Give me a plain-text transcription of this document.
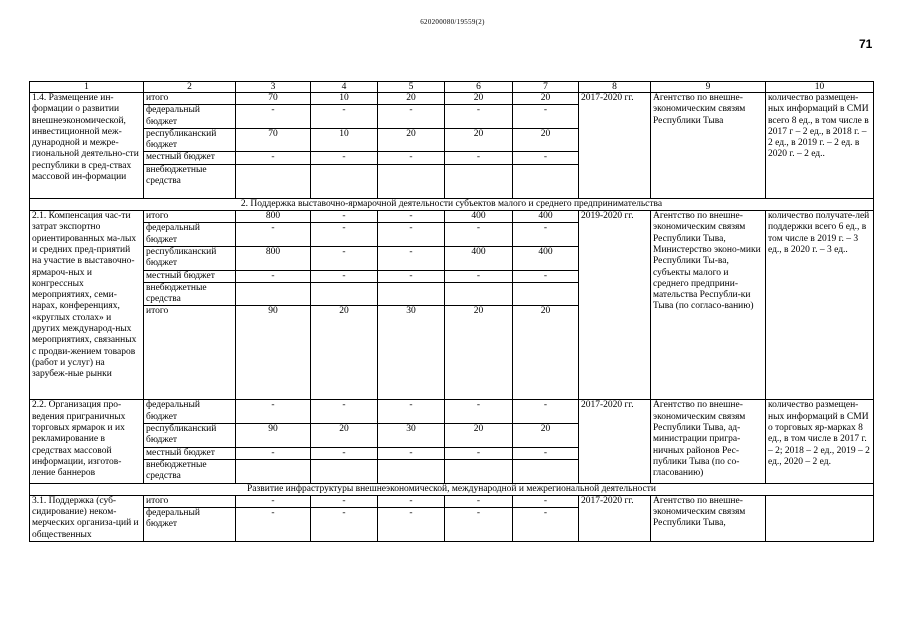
620200080/19559(2)
71
1	2	3	4	5	6	7	8	9	10
1.4. Размещение ин-формации о развитии внешнеэкономической, инвестиционной меж-дународной и межре-гиональной деятельно-сти республики в сред-ствах массовой ин-формации	итого	70	10	20	20	20	2017-2020 гг.	Агентство по внешне-экономическим связям Республики Тыва	количество размещен-ных информаций в СМИ всего 8 ед., в том числе в 2017 г – 2 ед., в 2018 г. – 2 ед., в 2019 г. – 2 ед. в 2020 г. – 2 ед..
	федеральный бюджет	-	-	-	-	-			
	республиканский бюджет	70	10	20	20	20			
	местный бюджет	-	-	-	-	-			
	внебюджетные средства								
2. Поддержка выставочно-ярмарочной деятельности субъектов малого и среднего предпринимательства									
2.1. Компенсация час-ти затрат экспортно ориентированных ма-лых и средних пред-приятий на участие в выставочно-ярмароч-ных и конгрессных мероприятиях, семи-нарах, конференциях, «круглых столах» и других международ-ных мероприятиях, связанных с продви-жением товаров (работ и услуг) на зарубеж-ные рынки	итого	800	-	-	400	400	2019-2020 гг.	Агентство по внешне-экономическим связям Республики Тыва, Министерство эконо-мики Республики Ты-ва, субъекты малого и среднего предприни-мательства Республи-ки Тыва (по согласо-ванию)	количество получате-лей поддержки всего 6 ед., в том числе в 2019 г. – 3 ед., в 2020 г. – 3 ед..
	федеральный бюджет	-	-	-	-	-			
	республиканский бюджет	800	-	-	400	400			
	местный бюджет	-	-	-	-	-			
	внебюджетные средства								
	итого	90	20	30	20	20			
2.2. Организация про-ведения приграничных торговых ярмарок и их рекламирование в средствах массовой информации, изготов-ление баннеров	федеральный бюджет	-	-	-	-	-	2017-2020 гг.	Агентство по внешне-экономическим связям Республики Тыва, ад-министрации пригра-ничных районов Рес-публики Тыва (по со-гласованию)	количество размещен-ных информаций в СМИ о торговых яр-марках 8 ед., в том числе в 2017 г. – 2; 2018 – 2 ед., 2019 – 2 ед., 2020 – 2 ед.
	республиканский бюджет	90	20	30	20	20			
	местный бюджет	-	-	-	-	-			
	внебюджетные средства								
Развитие инфраструктуры внешнеэкономической, международной и межрегиональной деятельности									
3.1. Поддержка (суб-сидирование) неком-мерческих организа-ций и общественных	итого	-	-	-	-	-	2017-2020 гг.	Агентство по внешне-экономическим связям Республики Тыва,	
	федеральный бюджет	-	-	-	-	-			
